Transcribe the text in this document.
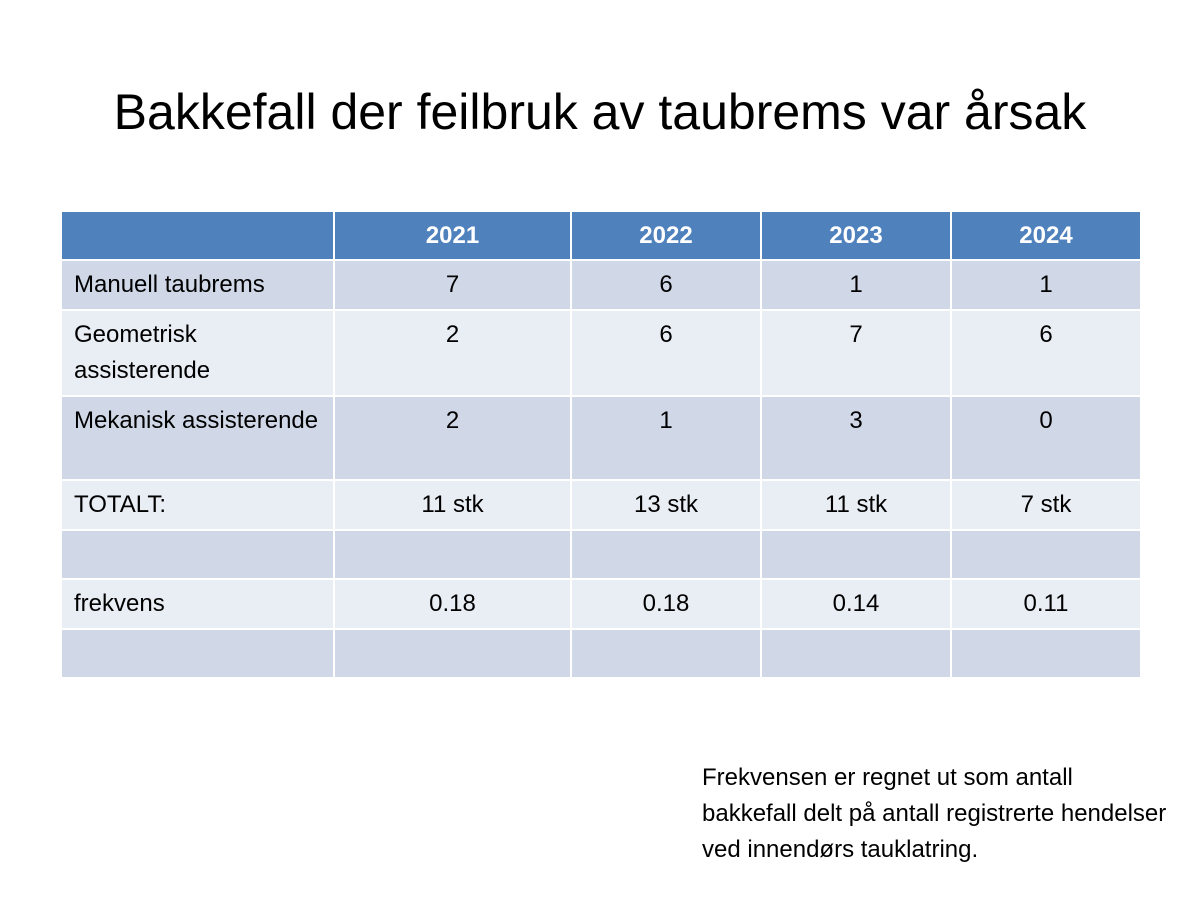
Bakkefall der feilbruk av taubrems var årsak
	2021	2022	2023	2024
Manuell taubrems	7	6	1	1
Geometrisk assisterende	2	6	7	6
Mekanisk assisterende	2	1	3	0
TOTALT:	11 stk	13 stk	11 stk	7 stk

frekvens	0.18	0.18	0.14	0.11

Frekvensen er regnet ut som antall bakkefall delt på antall registrerte hendelser ved innendørs tauklatring.
